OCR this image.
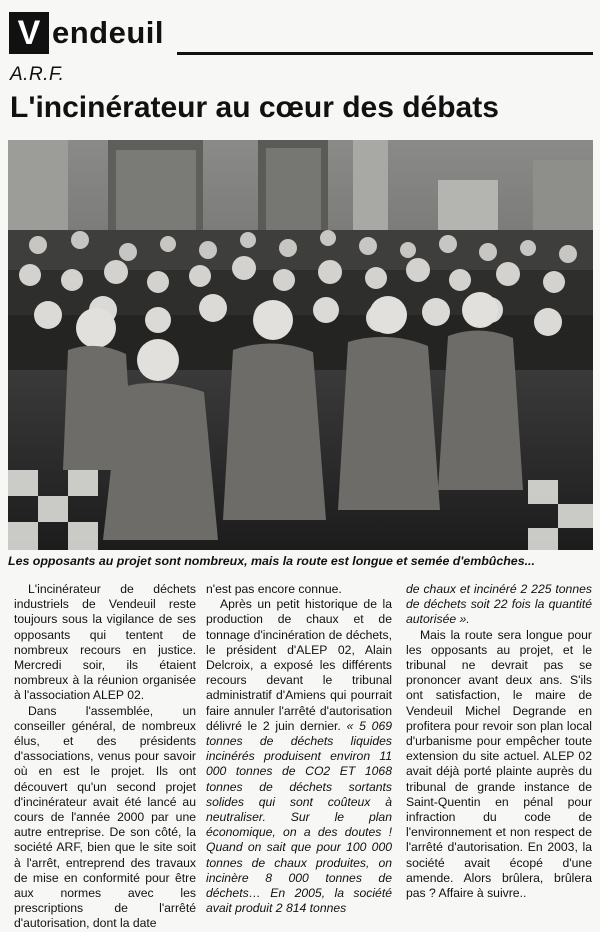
V endeuil
A.R.F.
L'incinérateur au cœur des débats
Les opposants au projet sont nombreux, mais la route est longue et semée d'embûches...

L'incinérateur de déchets industriels de Vendeuil reste toujours sous la vigilance de ses opposants qui tentent de nombreux recours en justice. Mercredi soir, ils étaient nombreux à la réunion organisée à l'association ALEP 02.

Dans l'assemblée, un conseiller général, de nombreux élus, et des présidents d'associations, venus pour savoir où en est le projet. Ils ont découvert qu'un second projet d'incinérateur avait été lancé au cours de l'année 2000 par une autre entreprise. De son côté, la société ARF, bien que le site soit à l'arrêt, entreprend des travaux de mise en conformité pour être aux normes avec les prescriptions de l'arrêté d'autorisation, dont la date

n'est pas encore connue.

Après un petit historique de la production de chaux et de tonnage d'incinération de déchets, le président d'ALEP 02, Alain Delcroix, a exposé les différents recours devant le tribunal administratif d'Amiens qui pourrait faire annuler l'arrêté d'autorisation délivré le 2 juin dernier. « 5 069 tonnes de déchets liquides incinérés produisent environ 11 000 tonnes de CO2 ET 1068 tonnes de déchets sortants solides qui sont coûteux à neutraliser. Sur le plan économique, on a des doutes ! Quand on sait que pour 100 000 tonnes de chaux produites, on incinère 8 000 tonnes de déchets… En 2005, la société avait produit 2 814 tonnes

de chaux et incinéré 2 225 tonnes de déchets soit 22 fois la quantité autorisée ».

Mais la route sera longue pour les opposants au projet, et le tribunal ne devrait pas se prononcer avant deux ans. S'ils ont satisfaction, le maire de Vendeuil Michel Degrande en profitera pour revoir son plan local d'urbanisme pour empêcher toute extension du site actuel. ALEP 02 avait déjà porté plainte auprès du tribunal de grande instance de Saint-Quentin en pénal pour infraction du code de l'environnement et non respect de l'arrêté d'autorisation. En 2003, la société avait écopé d'une amende. Alors brûlera, brûlera pas ? Affaire à suivre..
